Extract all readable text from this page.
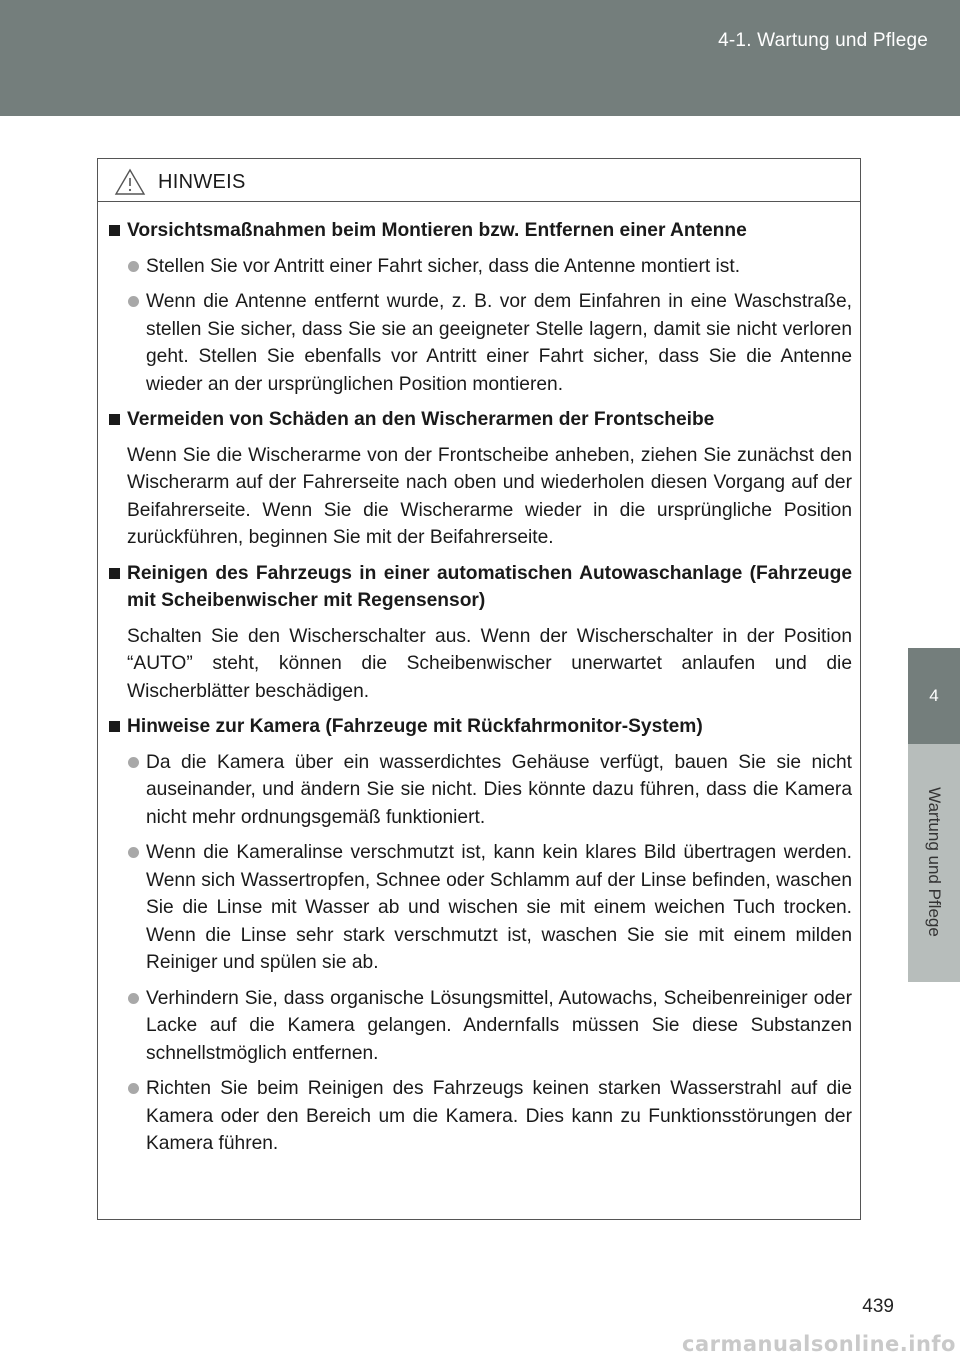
4-1. Wartung und Pflege
4
Wartung und Pflege
HINWEIS
Vorsichtsmaßnahmen beim Montieren bzw. Entfernen einer Antenne
Stellen Sie vor Antritt einer Fahrt sicher, dass die Antenne montiert ist.
Wenn die Antenne entfernt wurde, z. B. vor dem Einfahren in eine Waschstraße, stellen Sie sicher, dass Sie sie an geeigneter Stelle lagern, damit sie nicht verloren geht. Stellen Sie ebenfalls vor Antritt einer Fahrt sicher, dass Sie die Antenne wieder an der ursprünglichen Position montieren.
Vermeiden von Schäden an den Wischerarmen der Frontscheibe
Wenn Sie die Wischerarme von der Frontscheibe anheben, ziehen Sie zunächst den Wischerarm auf der Fahrerseite nach oben und wiederholen diesen Vorgang auf der Beifahrerseite. Wenn Sie die Wischerarme wieder in die ursprüngliche Position zurückführen, beginnen Sie mit der Beifahrerseite.
Reinigen des Fahrzeugs in einer automatischen Autowaschanlage (Fahrzeuge mit Scheibenwischer mit Regensensor)
Schalten Sie den Wischerschalter aus. Wenn der Wischerschalter in der Position “AUTO” steht, können die Scheibenwischer unerwartet anlaufen und die Wischerblätter beschädigen.
Hinweise zur Kamera (Fahrzeuge mit Rückfahrmonitor-System)
Da die Kamera über ein wasserdichtes Gehäuse verfügt, bauen Sie sie nicht auseinander, und ändern Sie sie nicht. Dies könnte dazu führen, dass die Kamera nicht mehr ordnungsgemäß funktioniert.
Wenn die Kameralinse verschmutzt ist, kann kein klares Bild übertragen werden. Wenn sich Wassertropfen, Schnee oder Schlamm auf der Linse befinden, waschen Sie die Linse mit Wasser ab und wischen sie mit einem weichen Tuch trocken. Wenn die Linse sehr stark verschmutzt ist, waschen Sie sie mit einem milden Reiniger und spülen sie ab.
Verhindern Sie, dass organische Lösungsmittel, Autowachs, Scheibenreiniger oder Lacke auf die Kamera gelangen. Andernfalls müssen Sie diese Substanzen schnellstmöglich entfernen.
Richten Sie beim Reinigen des Fahrzeugs keinen starken Wasserstrahl auf die Kamera oder den Bereich um die Kamera. Dies kann zu Funktionsstörungen der Kamera führen.
439
carmanualsonline.info
